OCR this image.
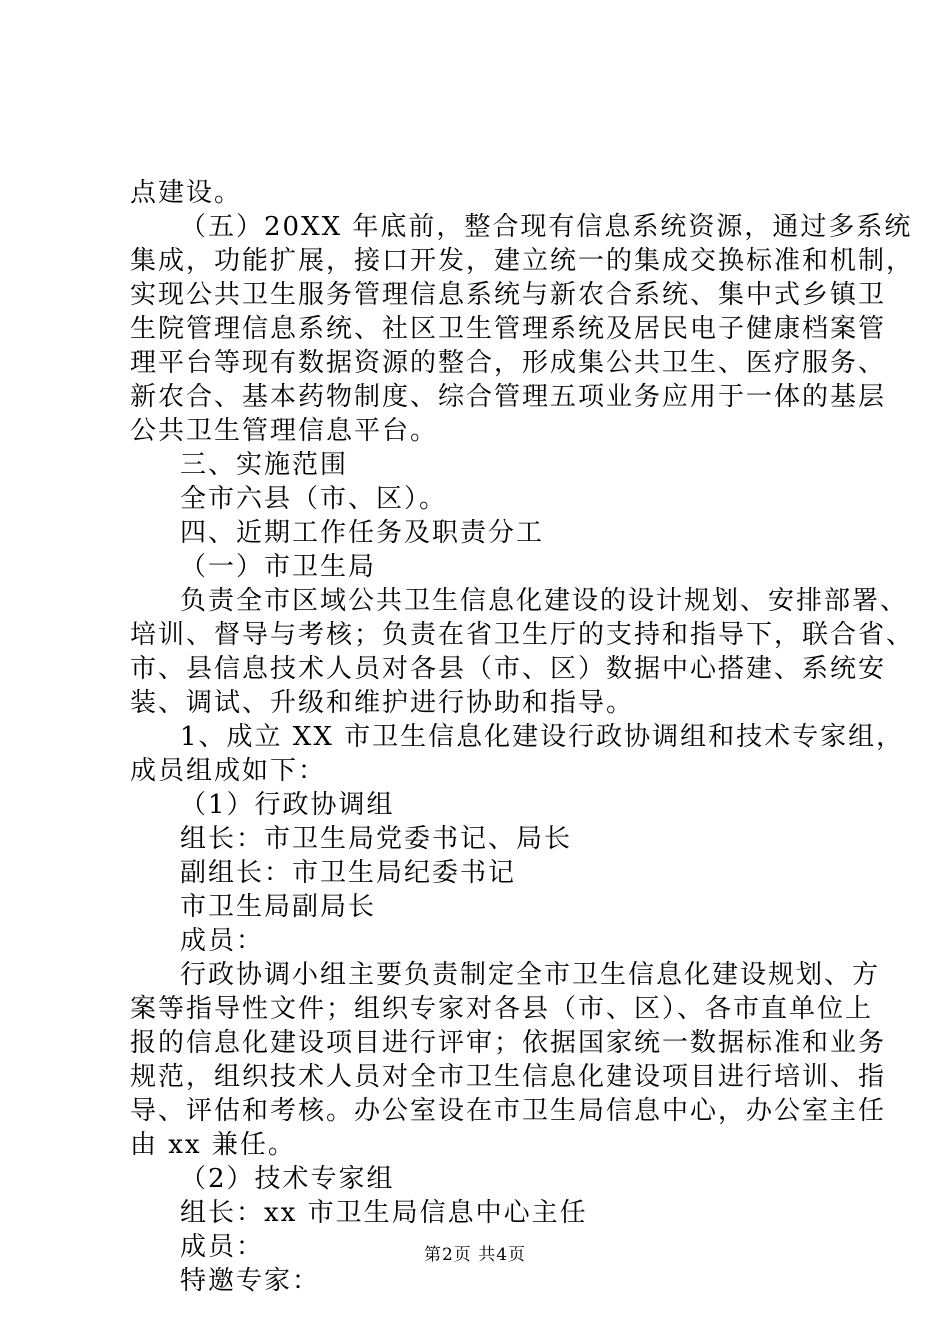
点建设。
（五）20XX 年底前，整合现有信息系统资源，通过多系统
集成，功能扩展，接口开发，建立统一的集成交换标准和机制，
实现公共卫生服务管理信息系统与新农合系统、集中式乡镇卫
生院管理信息系统、社区卫生管理系统及居民电子健康档案管
理平台等现有数据资源的整合，形成集公共卫生、医疗服务、
新农合、基本药物制度、综合管理五项业务应用于一体的基层
公共卫生管理信息平台。
三、实施范围
全市六县（市、区）。
四、近期工作任务及职责分工
（一）市卫生局
负责全市区域公共卫生信息化建设的设计规划、安排部署、
培训、督导与考核；负责在省卫生厅的支持和指导下，联合省、
市、县信息技术人员对各县（市、区）数据中心搭建、系统安
装、调试、升级和维护进行协助和指导。
1、成立 XX 市卫生信息化建设行政协调组和技术专家组，
成员组成如下：
（1）行政协调组
组长：市卫生局党委书记、局长
副组长：市卫生局纪委书记
市卫生局副局长
成员：
行政协调小组主要负责制定全市卫生信息化建设规划、方
案等指导性文件；组织专家对各县（市、区）、各市直单位上
报的信息化建设项目进行评审；依据国家统一数据标准和业务
规范，组织技术人员对全市卫生信息化建设项目进行培训、指
导、评估和考核。办公室设在市卫生局信息中心，办公室主任
由 xx 兼任。
（2）技术专家组
组长：xx 市卫生局信息中心主任
成员：
特邀专家：
第2页 共4页
